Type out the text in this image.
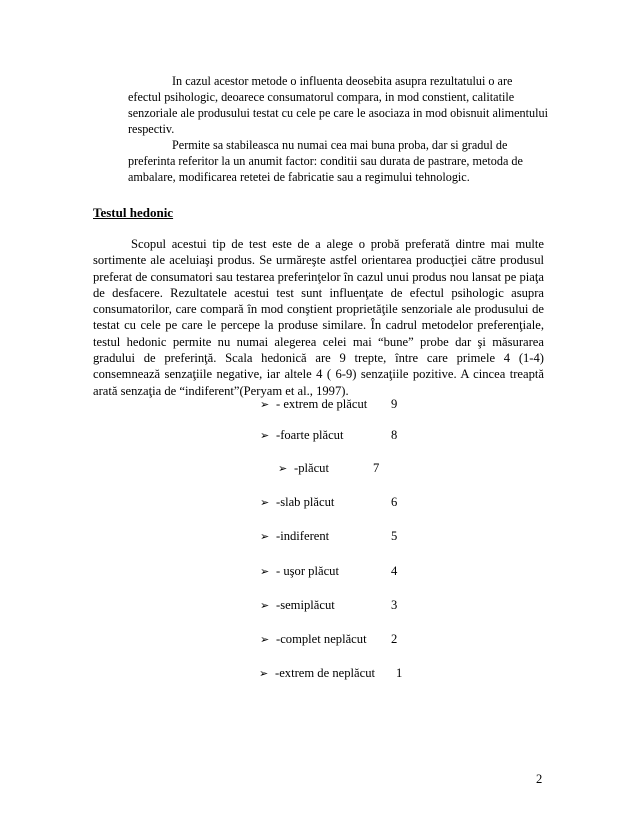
In cazul acestor metode o influenta deosebita asupra rezultatului o are efectul psihologic, deoarece consumatorul compara, in mod constient, calitatile senzoriale ale produsului testat cu cele pe care le asociaza in mod obisnuit alimentului respectiv.

Permite sa stabileasca nu numai cea mai buna proba, dar si gradul de preferinta referitor la un anumit factor: conditii sau durata de pastrare, metoda de ambalare, modificarea retetei de fabricatie sau a regimului tehnologic.

Testul hedonic

Scopul acestui tip de test este de a alege o probă preferată dintre mai multe sortimente ale aceluiaşi produs. Se urmăreşte astfel orientarea producţiei către produsul preferat de consumatori sau testarea preferinţelor în cazul unui produs nou lansat pe piaţa de desfacere. Rezultatele acestui test sunt influenţate de efectul psihologic asupra consumatorilor, care compară în mod conştient proprietăţile senzoriale ale produsului de testat cu cele pe care le percepe la produse similare. În cadrul metodelor preferenţiale, testul hedonic permite nu numai alegerea celei mai “bune” probe dar şi măsurarea gradului de preferinţă. Scala hedonică are 9 trepte, între care primele 4 (1-4) consemnează senzaţiile negative, iar altele 4 ( 6-9) senzaţiile pozitive. A cincea treaptă arată senzaţia de “indiferent”(Peryam et al., 1997).

➢ - extrem de plăcut 9
➢ -foarte plăcut	8
➢ -plăcut	7
➢ -slab plăcut	6
➢ -indiferent	5
➢ - uşor plăcut	4
➢ -semiplăcut	3
➢ -complet neplăcut 2
➢ -extrem de neplăcut 1

2
